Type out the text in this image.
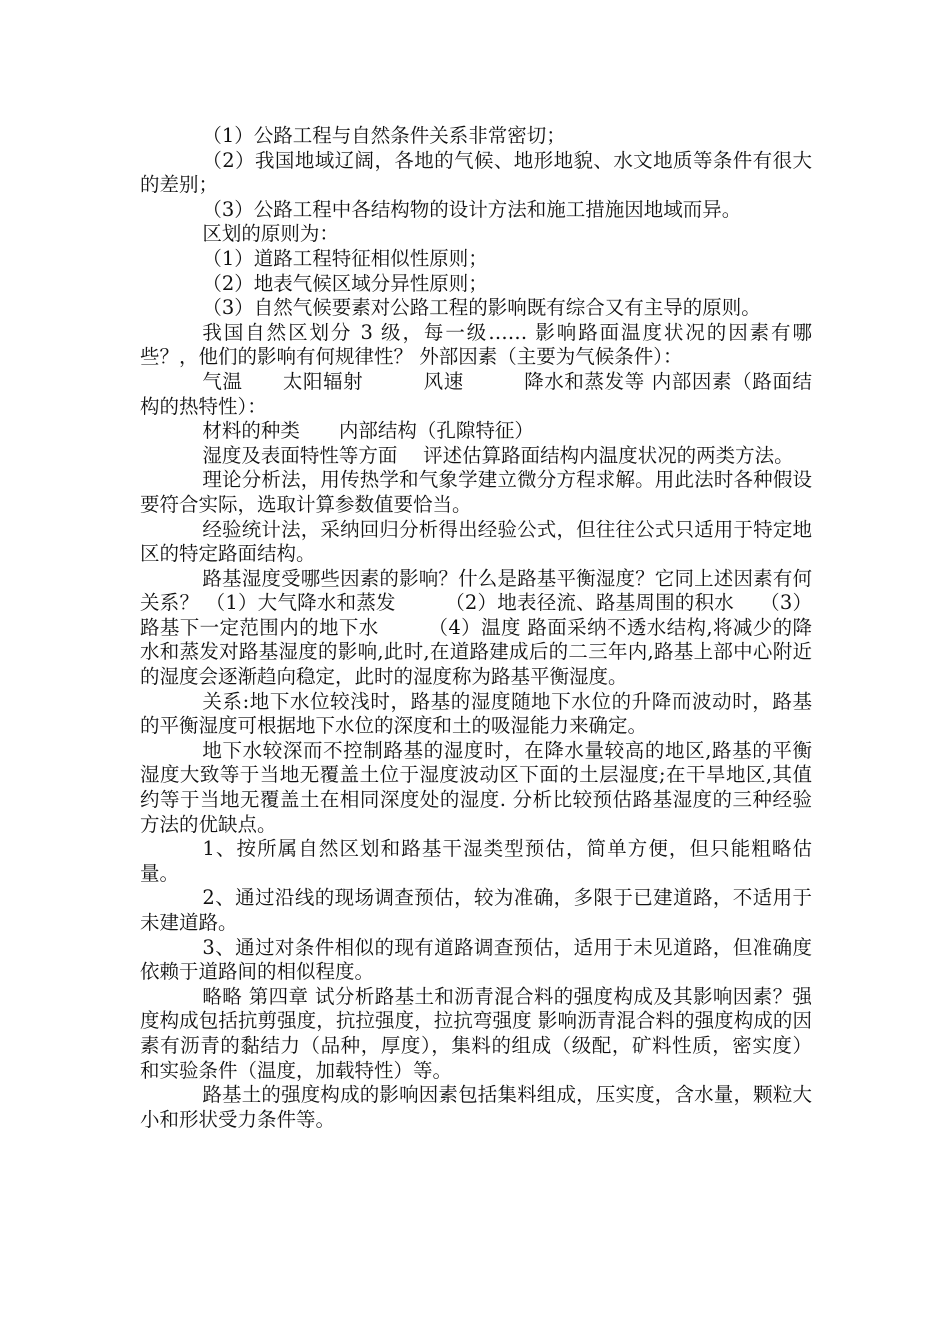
（1）公路工程与自然条件关系非常密切；

（2）我国地域辽阔，各地的气候、地形地貌、水文地质等条件有很大的差别；

（3）公路工程中各结构物的设计方法和施工措施因地域而异。

区划的原则为：

（1）道路工程特征相似性原则；

（2）地表气候区域分异性原则；

（3）自然气候要素对公路工程的影响既有综合又有主导的原则。

我国自然区划分 3 级，每一级…… 影响路面温度状况的因素有哪些？，他们的影响有何规律性？ 外部因素（主要为气候条件）：

气温　　太阳辐射　　　风速　　　降水和蒸发等 内部因素（路面结构的热特性）：

材料的种类　　内部结构（孔隙特征）

湿度及表面特性等方面　 评述估算路面结构内温度状况的两类方法。

理论分析法，用传热学和气象学建立微分方程求解。用此法时各种假设要符合实际，选取计算参数值要恰当。

经验统计法，采纳回归分析得出经验公式，但往往公式只适用于特定地区的特定路面结构。

路基湿度受哪些因素的影响？什么是路基平衡湿度？它同上述因素有何关系？ （1）大气降水和蒸发　　　（2）地表径流、路基周围的积水　 （3）路基下一定范围内的地下水　　　（4）温度 路面采纳不透水结构,将减少的降水和蒸发对路基湿度的影响,此时,在道路建成后的二三年内,路基上部中心附近的湿度会逐渐趋向稳定，此时的湿度称为路基平衡湿度。

关系:地下水位较浅时，路基的湿度随地下水位的升降而波动时，路基的平衡湿度可根据地下水位的深度和土的吸湿能力来确定。

地下水较深而不控制路基的湿度时，在降水量较高的地区,路基的平衡湿度大致等于当地无覆盖土位于湿度波动区下面的土层湿度;在干旱地区,其值约等于当地无覆盖土在相同深度处的湿度. 分析比较预估路基湿度的三种经验方法的优缺点。

1、按所属自然区划和路基干湿类型预估，简单方便，但只能粗略估量。

2、通过沿线的现场调查预估，较为准确，多限于已建道路，不适用于未建道路。

3、通过对条件相似的现有道路调查预估，适用于未见道路，但准确度依赖于道路间的相似程度。

略略 第四章 试分析路基土和沥青混合料的强度构成及其影响因素？强度构成包括抗剪强度，抗拉强度，拉抗弯强度 影响沥青混合料的强度构成的因素有沥青的黏结力（品种，厚度），集料的组成（级配，矿料性质，密实度）和实验条件（温度，加载特性）等。

路基土的强度构成的影响因素包括集料组成，压实度，含水量，颗粒大小和形状受力条件等。
